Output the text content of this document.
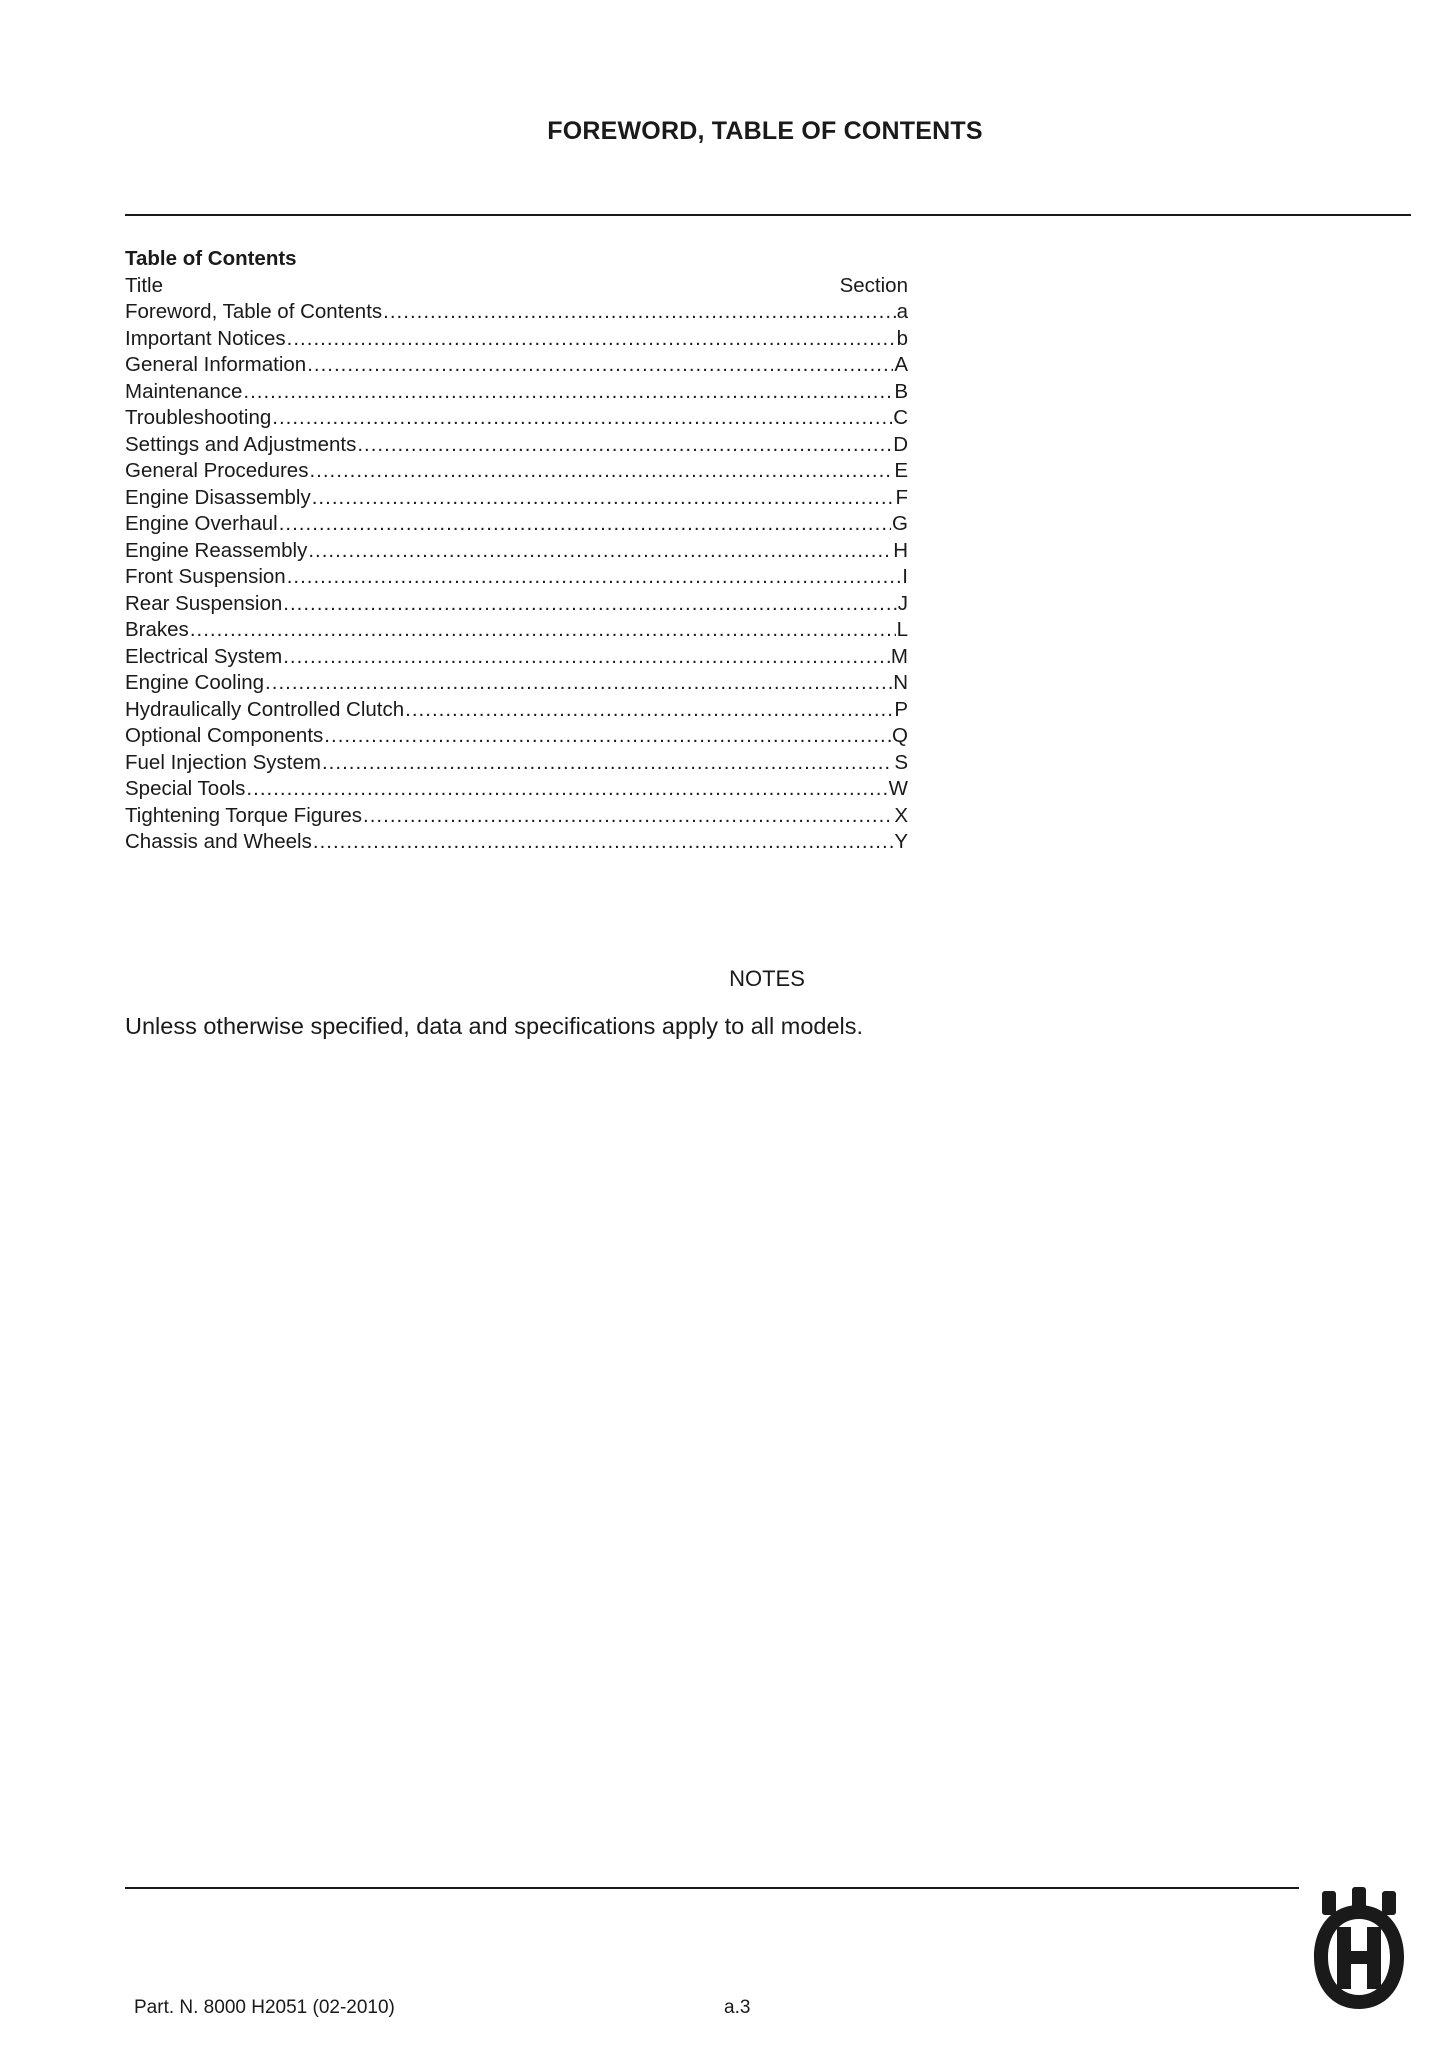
FOREWORD, TABLE OF CONTENTS
Table of Contents
Title	Section
Foreword, Table of Contents .....	a
Important Notices .....	b
General Information .....	A
Maintenance .....	B
Troubleshooting .....	C
Settings and Adjustments .....	D
General Procedures .....	E
Engine Disassembly .....	F
Engine Overhaul .....	G
Engine Reassembly .....	H
Front Suspension .....	I
Rear Suspension .....	J
Brakes .....	L
Electrical System .....	M
Engine Cooling .....	N
Hydraulically Controlled Clutch .....	P
Optional Components .....	Q
Fuel Injection System .....	S
Special Tools .....	W
Tightening Torque Figures .....	X
Chassis and Wheels .....	Y
NOTES
Unless otherwise specified, data and specifications apply to all models.
Part. N. 8000 H2051 (02-2010)	a.3
